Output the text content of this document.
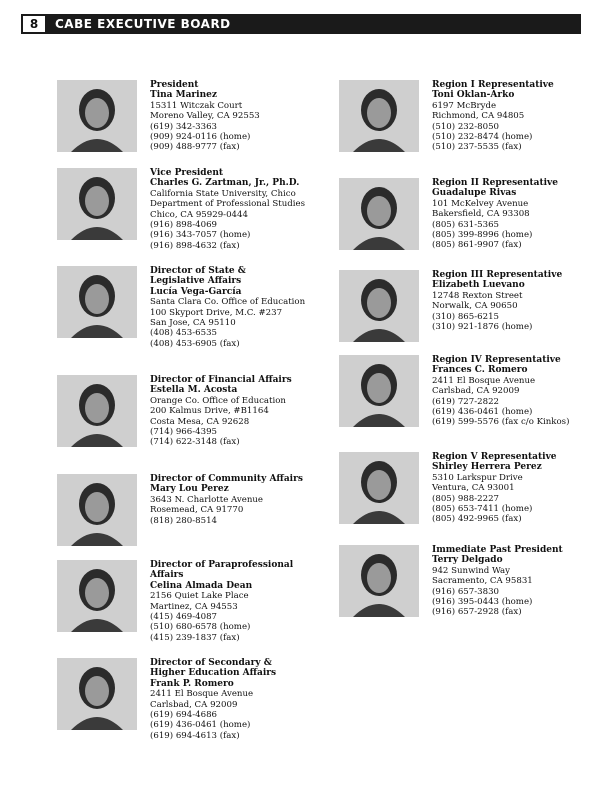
8	CABE EXECUTIVE BOARD
President
Tina Marinez
15311 Witczak Court
Moreno Valley, CA 92553
(619) 342-3363
(909) 924-0116 (home)
(909) 488-9777 (fax)
Vice President
Charles G. Zartman, Jr., Ph.D.
California State University, Chico
Department of Professional Studies
Chico, CA 95929-0444
(916) 898-4069
(916) 343-7057 (home)
(916) 898-4632 (fax)
Director of State &
Legislative Affairs
Lucía Vega-García
Santa Clara Co. Office of Education
100 Skyport Drive, M.C. #237
San Jose, CA 95110
(408) 453-6535
(408) 453-6905 (fax)
Director of Financial Affairs
Estella M. Acosta
Orange Co. Office of Education
200 Kalmus Drive, #B1164
Costa Mesa, CA 92628
(714) 966-4395
(714) 622-3148 (fax)
Director of Community Affairs
Mary Lou Perez
3643 N. Charlotte Avenue
Rosemead, CA 91770
(818) 280-8514
Director of Paraprofessional
Affairs
Celina Almada Dean
2156 Quiet Lake Place
Martinez, CA 94553
(415) 469-4087
(510) 680-6578 (home)
(415) 239-1837 (fax)
Director of Secondary &
Higher Education Affairs
Frank P. Romero
2411 El Bosque Avenue
Carlsbad, CA 92009
(619) 694-4686
(619) 436-0461 (home)
(619) 694-4613 (fax)
Region I Representative
Toni Oklan-Arko
6197 McBryde
Richmond, CA 94805
(510) 232-8050
(510) 232-8474 (home)
(510) 237-5535 (fax)
Region II Representative
Guadalupe Rivas
101 McKelvey Avenue
Bakersfield, CA 93308
(805) 631-5365
(805) 399-8996 (home)
(805) 861-9907 (fax)
Region III Representative
Elizabeth Luevano
12748 Rexton Street
Norwalk, CA 90650
(310) 865-6215
(310) 921-1876 (home)
Region IV Representative
Frances C. Romero
2411 El Bosque Avenue
Carlsbad, CA 92009
(619) 727-2822
(619) 436-0461 (home)
(619) 599-5576 (fax c/o Kinkos)
Region V Representative
Shirley Herrera Perez
5310 Larkspur Drive
Ventura, CA 93001
(805) 988-2227
(805) 653-7411 (home)
(805) 492-9965 (fax)
Immediate Past President
Terry Delgado
942 Sunwind Way
Sacramento, CA 95831
(916) 657-3830
(916) 395-0443 (home)
(916) 657-2928 (fax)
